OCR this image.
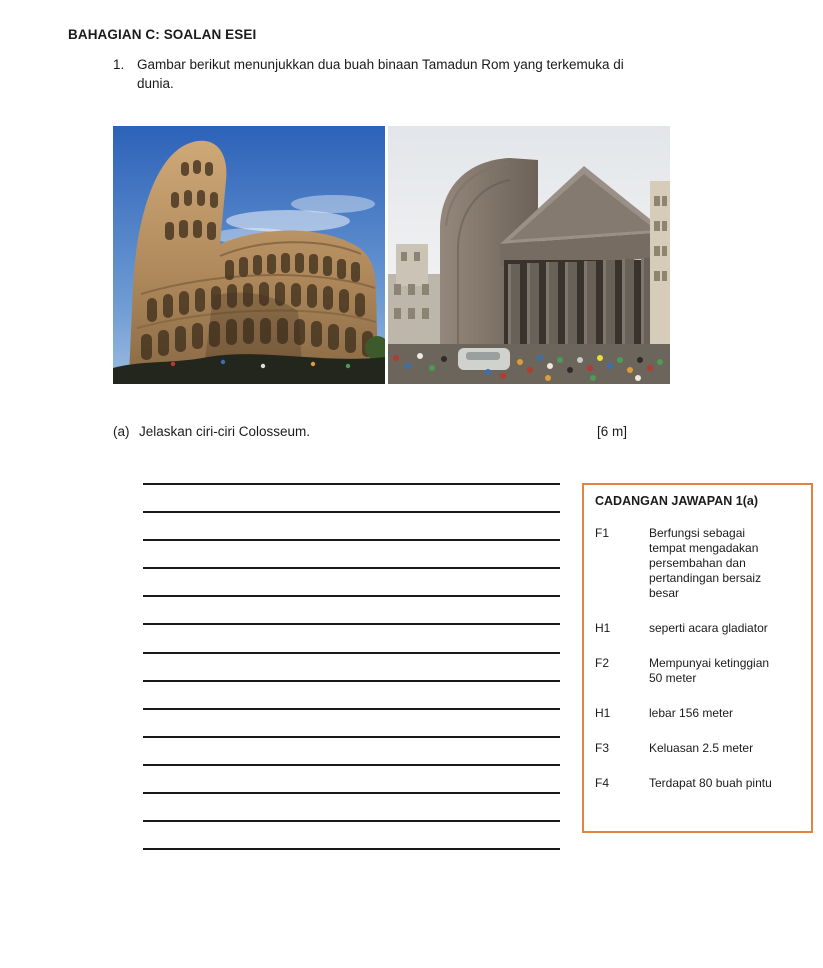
BAHAGIAN C: SOALAN ESEI
1. Gambar berikut menunjukkan dua buah binaan Tamadun Rom yang terkemuka di
dunia.
(a) Jelaskan ciri-ciri Colosseum.	[6 m]
CADANGAN JAWAPAN 1(a)
F1	Berfungsi sebagai tempat mengadakan persembahan dan pertandingan bersaiz besar
H1	seperti acara gladiator
F2	Mempunyai ketinggian 50 meter
H1	lebar 156 meter
F3	Keluasan 2.5 meter
F4	Terdapat 80 buah pintu
